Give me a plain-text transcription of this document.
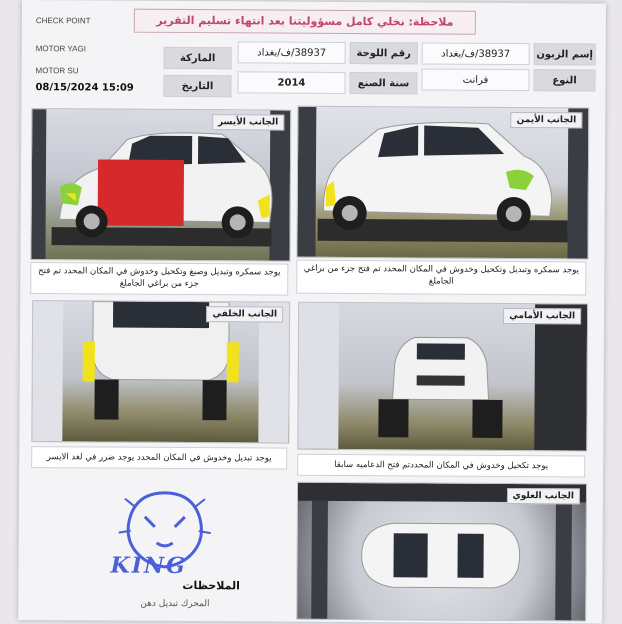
CHECK POINT
MOTOR YAGI
MOTOR SU
08/15/2024 15:09
ملاحظة: نخلي كامل مسؤوليتنا بعد انتهاء تسليم التقرير
إسم الزبون
38937/ف/بغداد
رقم اللوحة
38937/ف/بغداد
الماركة
النوع
فرانت
سنة الصنع
2014
التاريخ
الجانب الأيسر
يوجد سمكره وتبديل وصبغ وتكحيل وخدوش في المكان المحدد تم فتح جزء من براغي الجاملغ
الجانب الأيمن
يوجد سمكره وتبديل وتكحيل وخدوش في المكان المحدد تم فتح جزء من براغي الجاملغ
الجانب الخلفي
يوجد تبديل وخدوش في المكان المحدد يوجد ضرر في لغد الايسر
الجانب الأمامي
يوجد تكحيل وخدوش في المكان المحددتم فتح الدعاميه سابقا
KING
الملاحظات
المحرك تبديل دهن
الجانب العلوي
